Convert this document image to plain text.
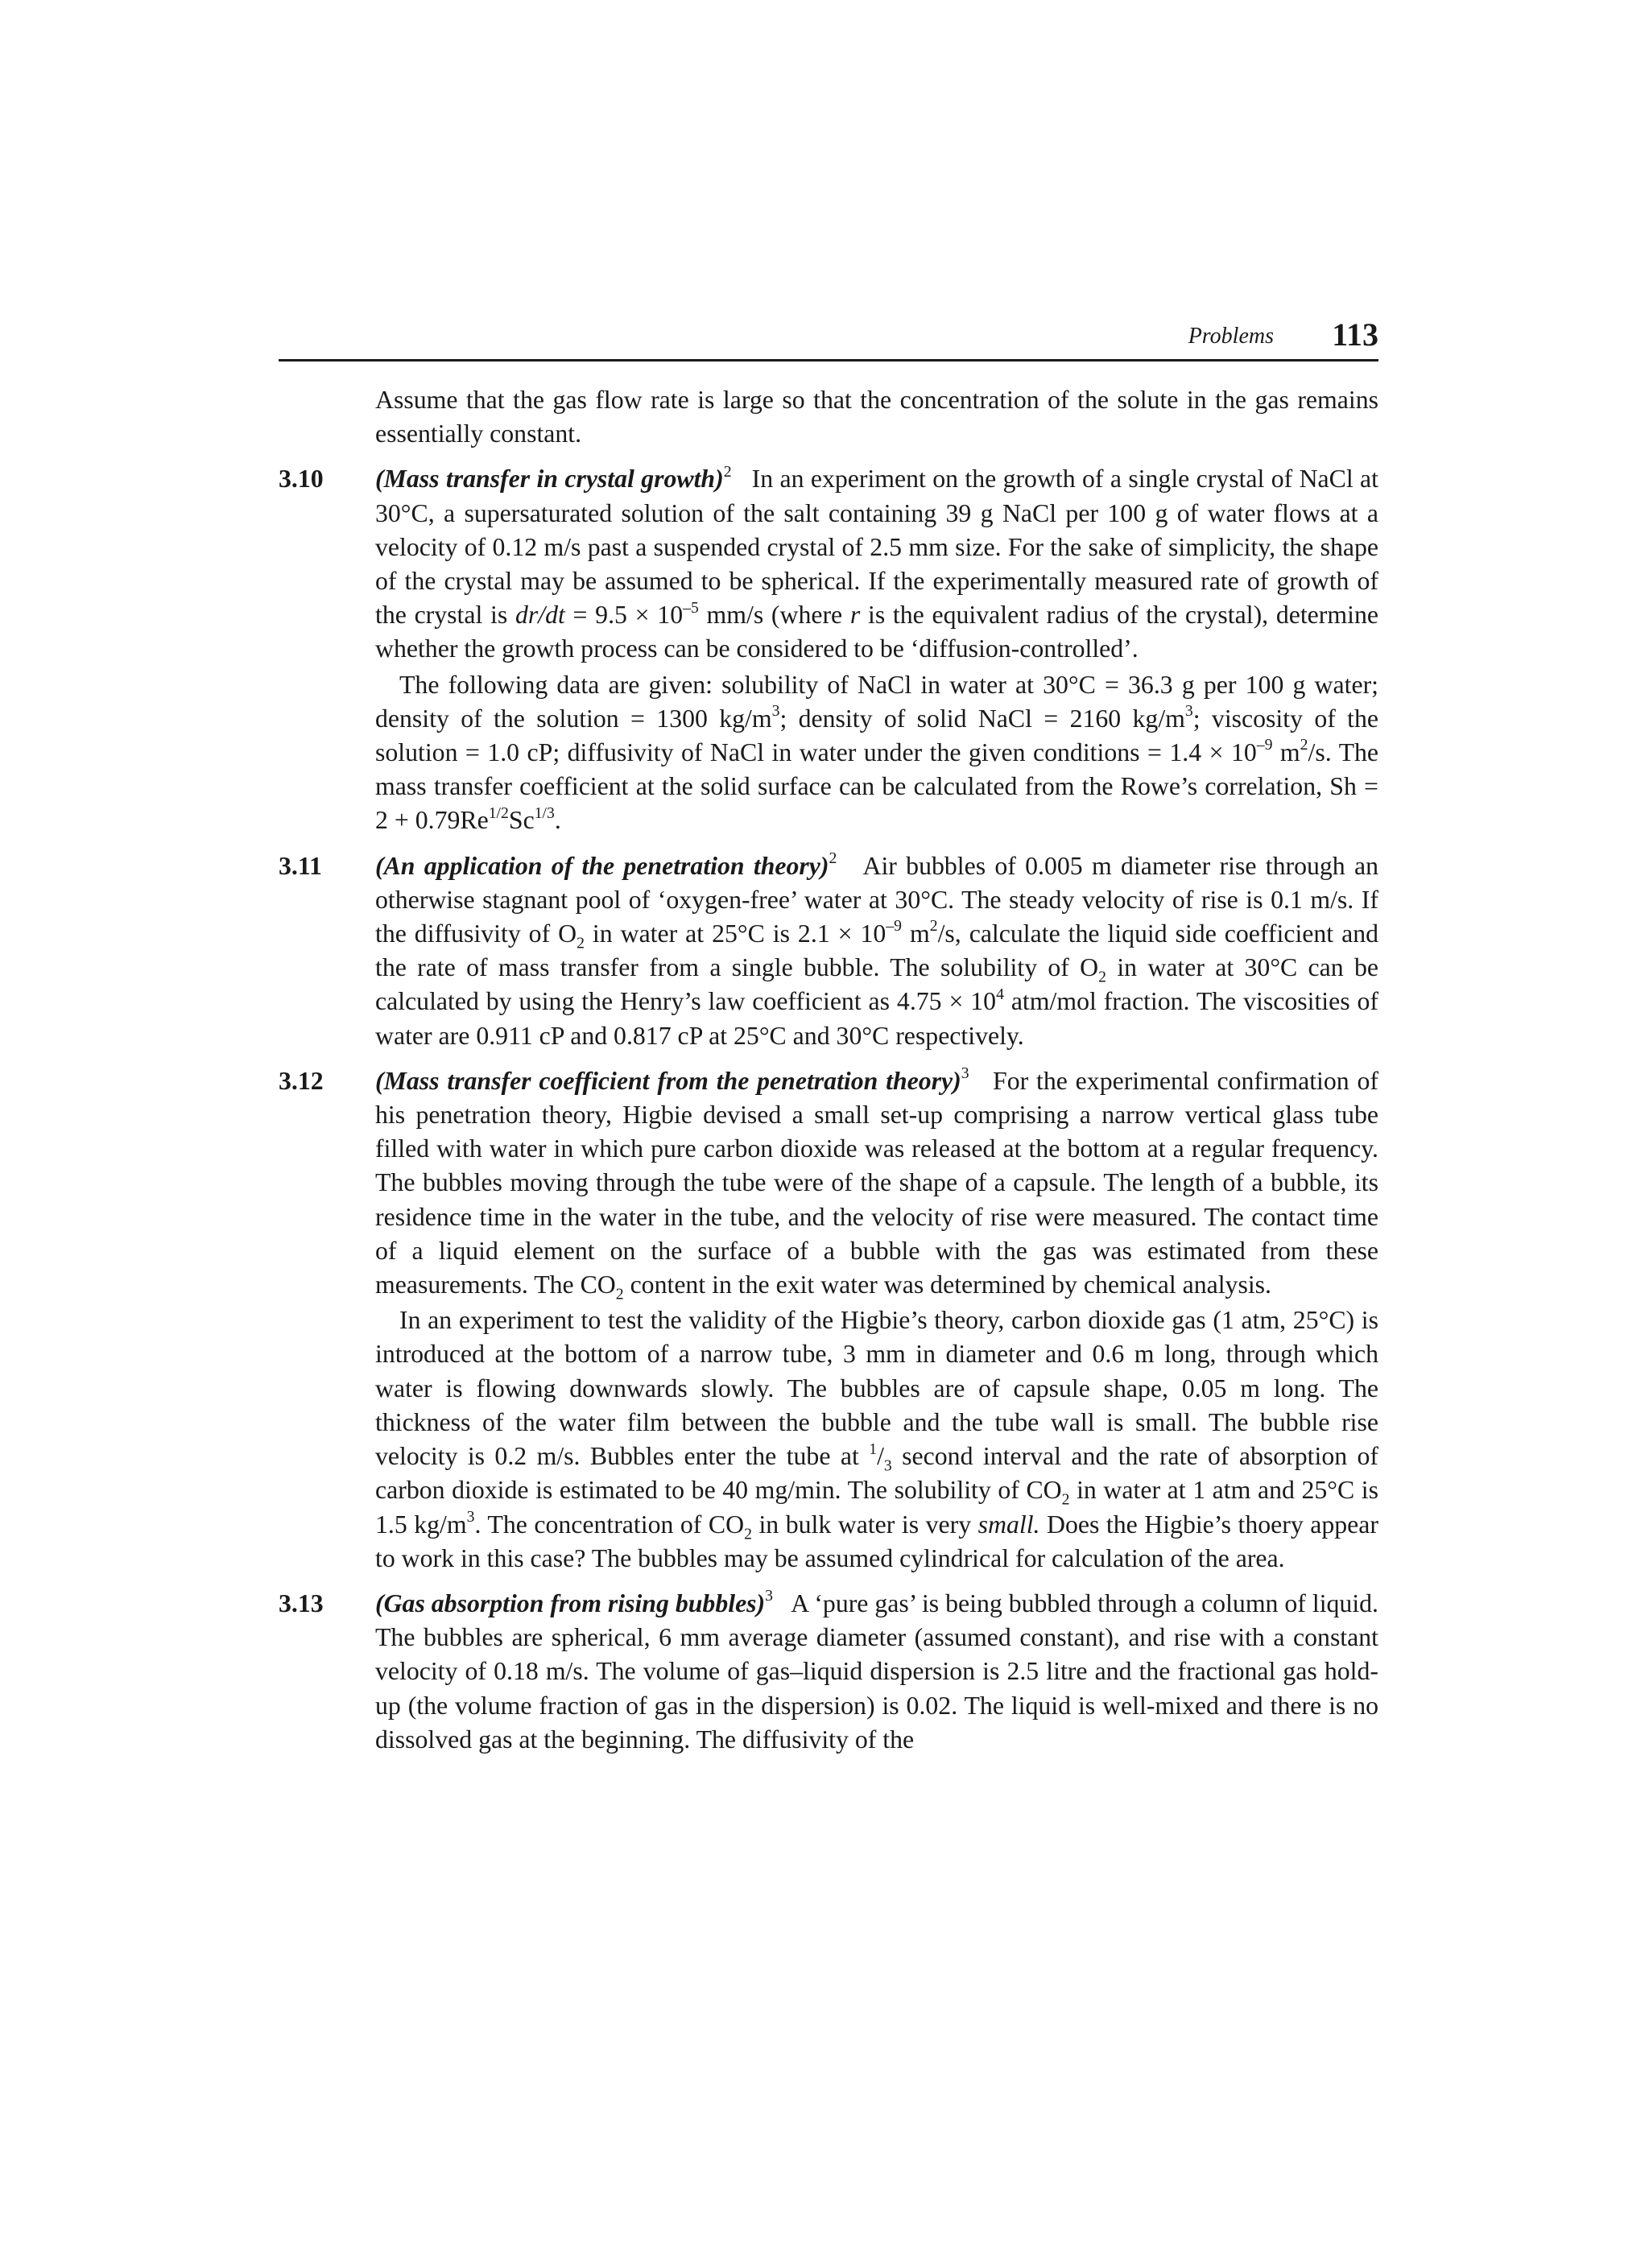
Problems 113

Assume that the gas flow rate is large so that the concentration of the solute in the gas remains essentially constant.

3.10 (Mass transfer in crystal growth)$^2$ In an experiment on the growth of a single crystal of NaCl at 30°C, a supersaturated solution of the salt containing 39 g NaCl per 100 g of water flows at a velocity of 0.12 m/s past a suspended crystal of 2.5 mm size. For the sake of simplicity, the shape of the crystal may be assumed to be spherical. If the experimentally measured rate of growth of the crystal is $dr/dt = 9.5 \times 10^{-5}$ mm/s (where r is the equivalent radius of the crystal), determine whether the growth process can be considered to be ‘diffusion-controlled’.

The following data are given: solubility of NaCl in water at 30°C = 36.3 g per 100 g water; density of the solution = 1300 $kg/m^3$; density of solid NaCl = 2160 $kg/m^3$; viscosity of the solution = 1.0 cP; diffusivity of NaCl in water under the given conditions = $1.4 \times 10^{-9}$ $m^2/s$. The mass transfer coefficient at the solid surface can be calculated from the Rowe’s correlation, $Sh = 2 + 0.79Re^{1/2}Sc^{1/3}$.

3.11 (An application of the penetration theory)$^2$ Air bubbles of 0.005 m diameter rise through an otherwise stagnant pool of ‘oxygen-free’ water at 30°C. The steady velocity of rise is 0.1 m/s. If the diffusivity of $O_2$ in water at 25°C is $2.1 \times 10^{-9}$ $m^2/s$, calculate the liquid side coefficient and the rate of mass transfer from a single bubble. The solubility of $O_2$ in water at 30°C can be calculated by using the Henry’s law coefficient as $4.75 \times 10^4$ atm/mol fraction. The viscosities of water are 0.911 cP and 0.817 cP at 25°C and 30°C respectively.

3.12 (Mass transfer coefficient from the penetration theory)$^3$ For the experimental confirmation of his penetration theory, Higbie devised a small set-up comprising a narrow vertical glass tube filled with water in which pure carbon dioxide was released at the bottom at a regular frequency. The bubbles moving through the tube were of the shape of a capsule. The length of a bubble, its residence time in the water in the tube, and the velocity of rise were measured. The contact time of a liquid element on the surface of a bubble with the gas was estimated from these measurements. The $CO_2$ content in the exit water was determined by chemical analysis.

In an experiment to test the validity of the Higbie’s theory, carbon dioxide gas (1 atm, 25°C) is introduced at the bottom of a narrow tube, 3 mm in diameter and 0.6 m long, through which water is flowing downwards slowly. The bubbles are of capsule shape, 0.05 m long. The thickness of the water film between the bubble and the tube wall is small. The bubble rise velocity is 0.2 m/s. Bubbles enter the tube at $^1/_3$ second interval and the rate of absorption of carbon dioxide is estimated to be 40 mg/min. The solubility of $CO_2$ in water at 1 atm and 25°C is 1.5 $kg/m^3$. The concentration of $CO_2$ in bulk water is very small. Does the Higbie’s thoery appear to work in this case? The bubbles may be assumed cylindrical for calculation of the area.

3.13 (Gas absorption from rising bubbles)$^3$ A ‘pure gas’ is being bubbled through a column of liquid. The bubbles are spherical, 6 mm average diameter (assumed constant), and rise with a constant velocity of 0.18 m/s. The volume of gas–liquid dispersion is 2.5 litre and the fractional gas hold-up (the volume fraction of gas in the dispersion) is 0.02. The liquid is well-mixed and there is no dissolved gas at the beginning. The diffusivity of the
